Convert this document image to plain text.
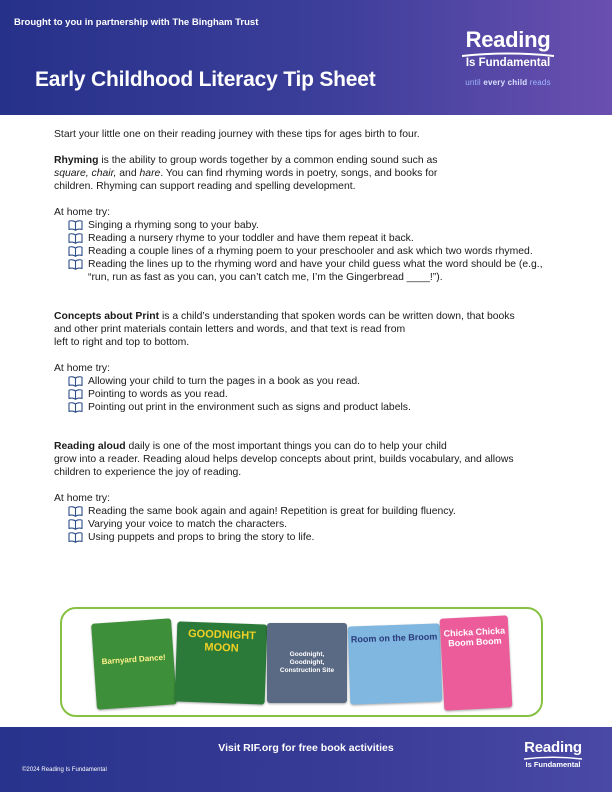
Brought to you in partnership with The Bingham Trust
Early Childhood Literacy Tip Sheet
Reading
Is Fundamental
until every child reads

Start your little one on their reading journey with these tips for ages birth to four.

Rhyming is the ability to group words together by a common ending sound such as

square, chair, and hare. You can find rhyming words in poetry, songs, and books for

children. Rhyming can support reading and spelling development.

At home try:

Singing a rhyming song to your baby.
Reading a nursery rhyme to your toddler and have them repeat it back.
Reading a couple lines of a rhyming poem to your preschooler and ask which two words rhymed.
Reading the lines up to the rhyming word and have your child guess what the word should be (e.g., “run, run as fast as you can, you can’t catch me, I’m the Gingerbread ____!”).

Concepts about Print is a child’s understanding that spoken words can be written down, that books

and other print materials contain letters and words, and that text is read from

left to right and top to bottom.

At home try:

Allowing your child to turn the pages in a book as you read.
Pointing to words as you read.
Pointing out print in the environment such as signs and product labels.

Reading aloud daily is one of the most important things you can do to help your child

grow into a reader. Reading aloud helps develop concepts about print, builds vocabulary, and allows

children to experience the joy of reading.

At home try:

Reading the same book again and again! Repetition is great for building fluency.
Varying your voice to match the characters.
Using puppets and props to bring the story to life.
Barnyard Dance!
GOODNIGHT MOON	Goodnight, Goodnight, Construction Site
Room on the Broom Chicka Chicka Boom Boom
Visit RIF.org for free book activities
©2024 Reading Is Fundamental
Reading
Is Fundamental
